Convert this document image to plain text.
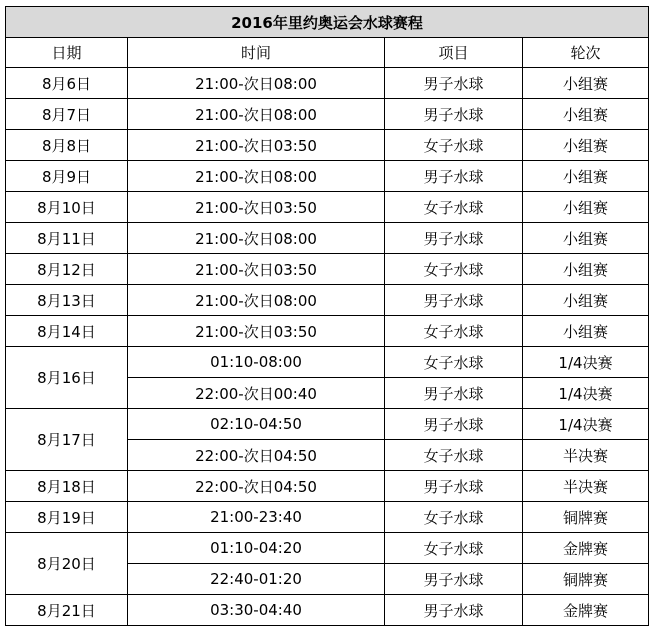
2016年里约奥运会水球赛程			
日期	时间	项目	轮次
8月6日	21:00-次日08:00	男子水球	小组赛
8月7日	21:00-次日08:00	男子水球	小组赛
8月8日	21:00-次日03:50	女子水球	小组赛
8月9日	21:00-次日08:00	男子水球	小组赛
8月10日	21:00-次日03:50	女子水球	小组赛
8月11日	21:00-次日08:00	男子水球	小组赛
8月12日	21:00-次日03:50	女子水球	小组赛
8月13日	21:00-次日08:00	男子水球	小组赛
8月14日	21:00-次日03:50	女子水球	小组赛
8月16日	01:10-08:00	女子水球	1/4决赛
	22:00-次日00:40	男子水球	1/4决赛
8月17日	02:10-04:50	男子水球	1/4决赛
	22:00-次日04:50	女子水球	半决赛
8月18日	22:00-次日04:50	男子水球	半决赛
8月19日	21:00-23:40	女子水球	铜牌赛
8月20日	01:10-04:20	女子水球	金牌赛
	22:40-01:20	男子水球	铜牌赛
8月21日	03:30-04:40	男子水球	金牌赛
